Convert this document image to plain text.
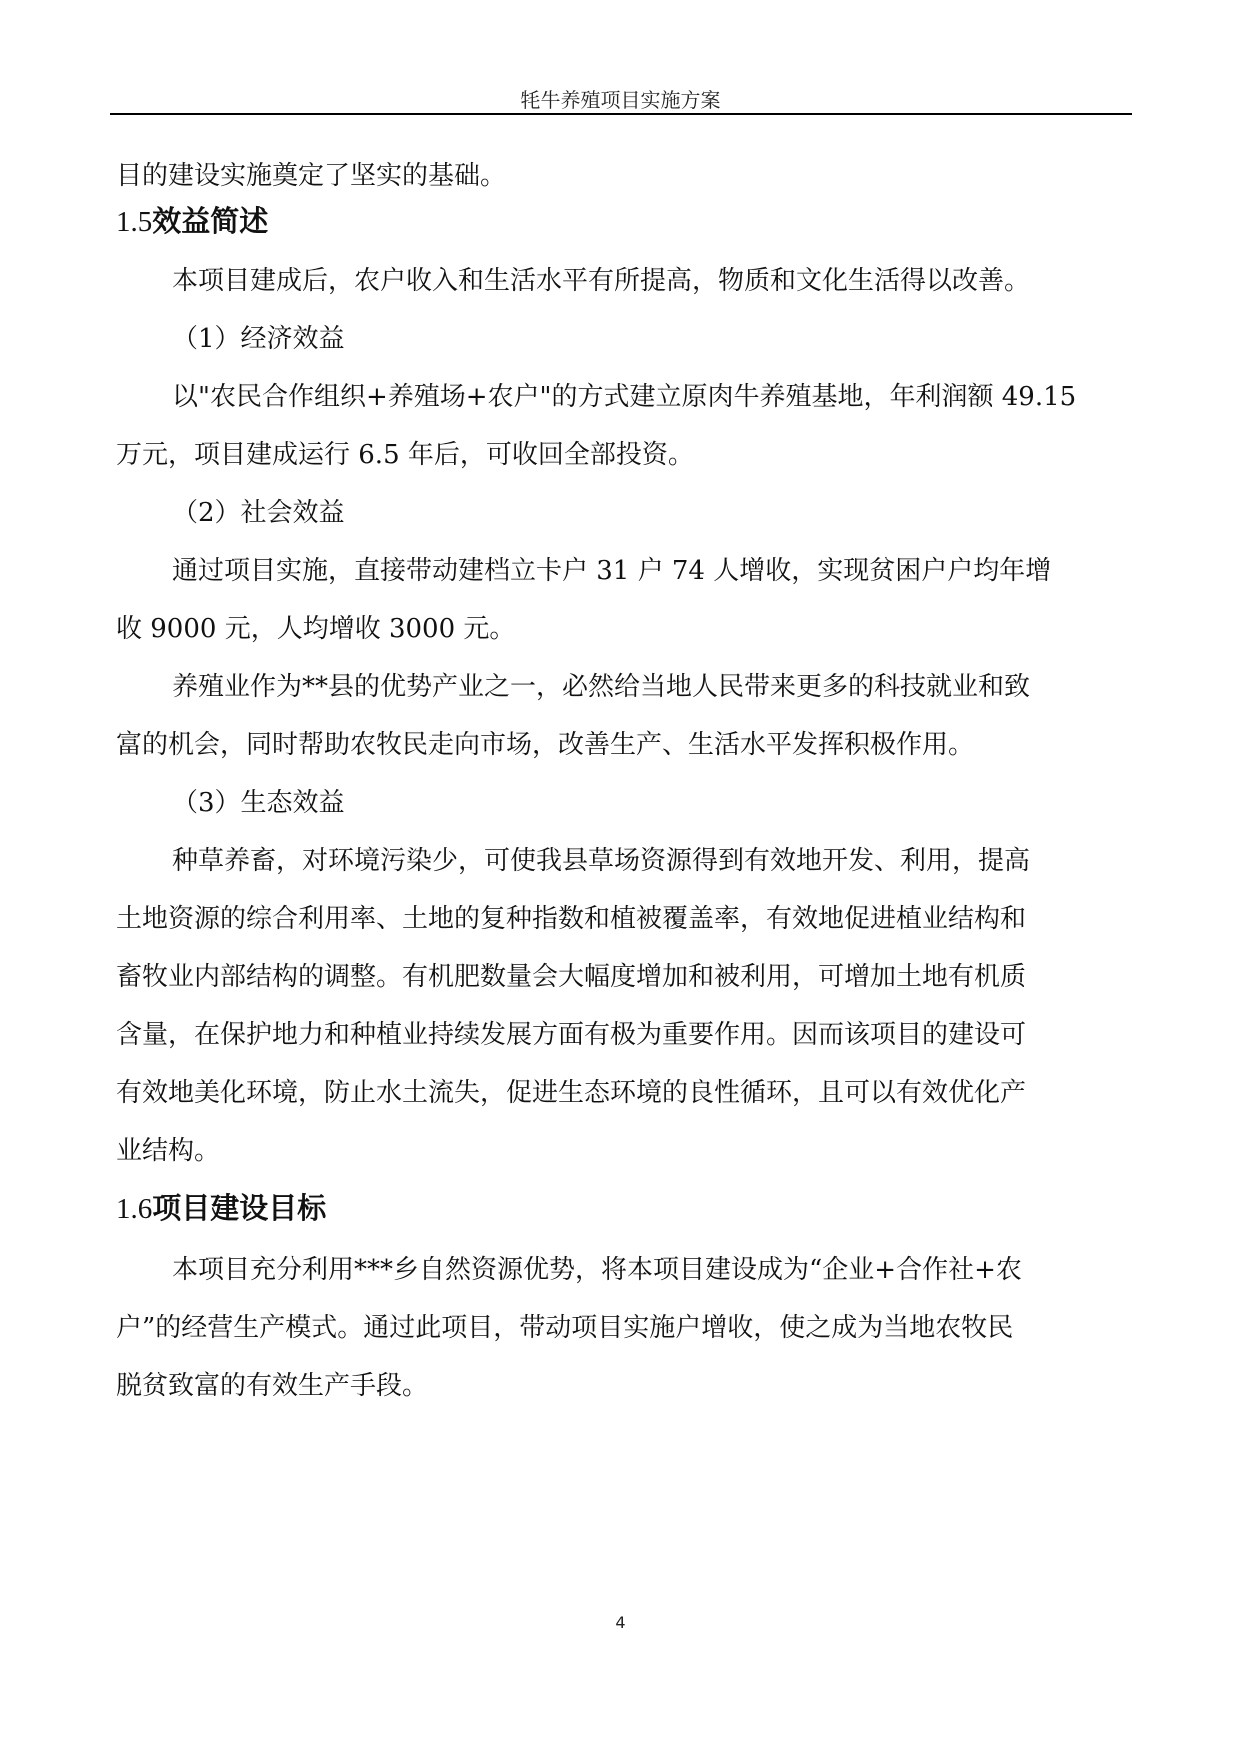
牦牛养殖项目实施方案
目的建设实施奠定了坚实的基础。
1.5效益简述
本项目建成后，农户收入和生活水平有所提高，物质和文化生活得以改善。
（1）经济效益
以"农民合作组织+养殖场+农户"的方式建立原肉牛养殖基地，年利润额 49.15
万元，项目建成运行 6.5 年后，可收回全部投资。
（2）社会效益
通过项目实施，直接带动建档立卡户 31 户 74 人增收，实现贫困户户均年增
收 9000 元，人均增收 3000 元。
养殖业作为**县的优势产业之一，必然给当地人民带来更多的科技就业和致
富的机会，同时帮助农牧民走向市场，改善生产、生活水平发挥积极作用。
（3）生态效益
种草养畜，对环境污染少，可使我县草场资源得到有效地开发、利用，提高
土地资源的综合利用率、土地的复种指数和植被覆盖率，有效地促进植业结构和
畜牧业内部结构的调整。有机肥数量会大幅度增加和被利用，可增加土地有机质
含量，在保护地力和种植业持续发展方面有极为重要作用。因而该项目的建设可
有效地美化环境，防止水土流失，促进生态环境的良性循环，且可以有效优化产
业结构。
1.6项目建设目标
本项目充分利用***乡自然资源优势，将本项目建设成为“企业+合作社+农
户”的经营生产模式。通过此项目，带动项目实施户增收，使之成为当地农牧民
脱贫致富的有效生产手段。
4
